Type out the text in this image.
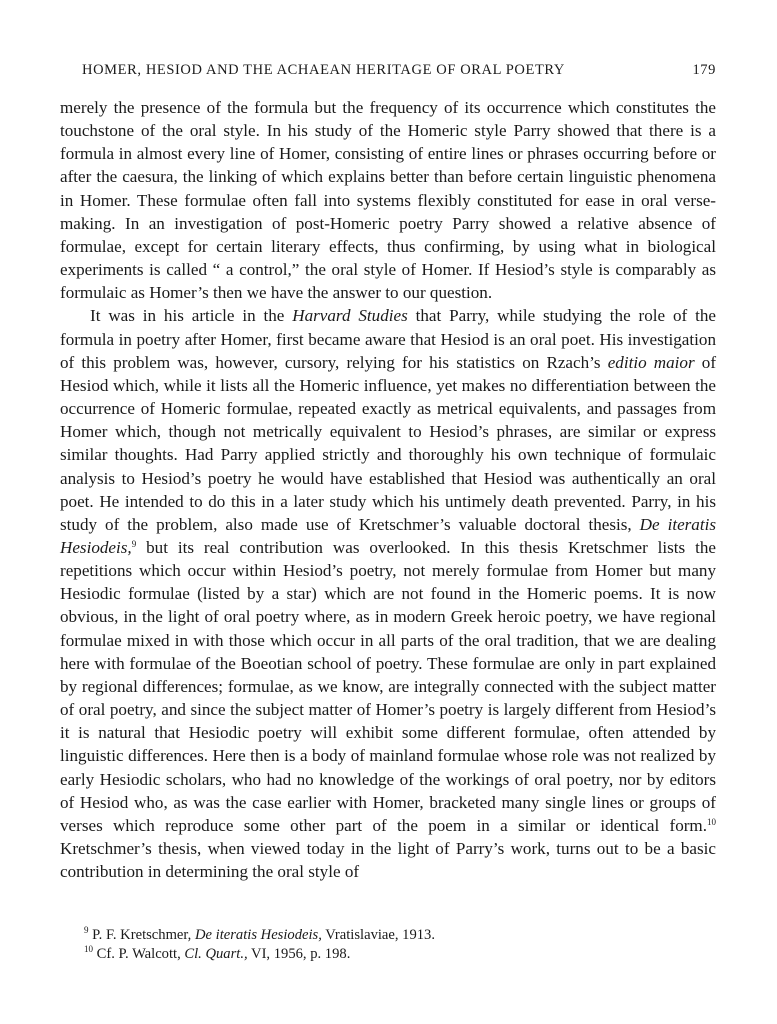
HOMER, HESIOD AND THE ACHAEAN HERITAGE OF ORAL POETRY	179

merely the presence of the formula but the frequency of its occurrence which constitutes the touchstone of the oral style. In his study of the Homeric style Parry showed that there is a formula in almost every line of Homer, consisting of entire lines or phrases occurring before or after the caesura, the linking of which explains better than before certain linguistic phenomena in Homer. These formulae often fall into systems flexibly constituted for ease in oral verse-making. In an investigation of post-Homeric poetry Parry showed a relative absence of formulae, except for certain literary effects, thus confirming, by using what in biological experiments is called “ a control,” the oral style of Homer. If Hesiod’s style is comparably as formulaic as Homer’s then we have the answer to our question.

It was in his article in the Harvard Studies that Parry, while studying the role of the formula in poetry after Homer, first became aware that Hesiod is an oral poet. His investigation of this problem was, however, cursory, relying for his statistics on Rzach’s editio maior of Hesiod which, while it lists all the Homeric influence, yet makes no differentiation between the occurrence of Homeric formulae, repeated exactly as metrical equivalents, and passages from Homer which, though not metrically equivalent to Hesiod’s phrases, are similar or express similar thoughts. Had Parry applied strictly and thoroughly his own technique of formulaic analysis to Hesiod’s poetry he would have established that Hesiod was authentically an oral poet. He intended to do this in a later study which his untimely death prevented. Parry, in his study of the problem, also made use of Kretschmer’s valuable doctoral thesis, De iteratis Hesiodeis,$^9$ but its real contribution was overlooked. In this thesis Kretschmer lists the repetitions which occur within Hesiod’s poetry, not merely formulae from Homer but many Hesiodic formulae (listed by a star) which are not found in the Homeric poems. It is now obvious, in the light of oral poetry where, as in modern Greek heroic poetry, we have regional formulae mixed in with those which occur in all parts of the oral tradition, that we are dealing here with formulae of the Boeotian school of poetry. These formulae are only in part explained by regional differences; formulae, as we know, are integrally connected with the subject matter of oral poetry, and since the subject matter of Homer’s poetry is largely different from Hesiod’s it is natural that Hesiodic poetry will exhibit some different formulae, often attended by linguistic differences. Here then is a body of mainland formulae whose role was not realized by early Hesiodic scholars, who had no knowledge of the workings of oral poetry, nor by editors of Hesiod who, as was the case earlier with Homer, bracketed many single lines or groups of verses which reproduce some other part of the poem in a similar or identical form.$^{10}$ Kretschmer’s thesis, when viewed today in the light of Parry’s work, turns out to be a basic contribution in determining the oral style of

$^9$ P. F. Kretschmer, De iteratis Hesiodeis, Vratislaviae, 1913.
$^{10}$ Cf. P. Walcott, Cl. Quart., VI, 1956, p. 198.
